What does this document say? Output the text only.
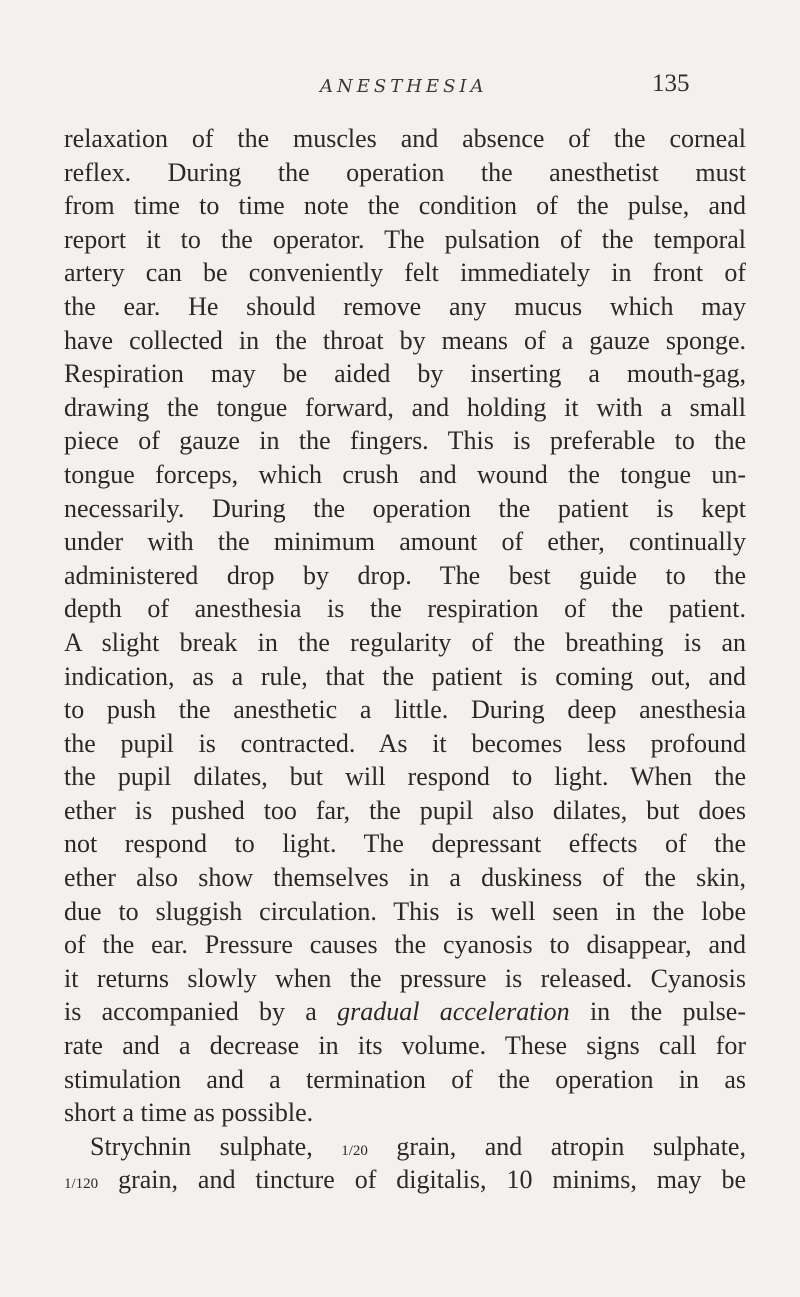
ANESTHESIA	135
relaxation of the muscles and absence of the corneal
reflex. During the operation the anesthetist must
from time to time note the condition of the pulse, and
report it to the operator. The pulsation of the temporal
artery can be conveniently felt immediately in front of
the ear. He should remove any mucus which may
have collected in the throat by means of a gauze sponge.
Respiration may be aided by inserting a mouth-gag,
drawing the tongue forward, and holding it with a small
piece of gauze in the fingers. This is preferable to the
tongue forceps, which crush and wound the tongue un-
necessarily. During the operation the patient is kept
under with the minimum amount of ether, continually
administered drop by drop. The best guide to the
depth of anesthesia is the respiration of the patient.
A slight break in the regularity of the breathing is an
indication, as a rule, that the patient is coming out, and
to push the anesthetic a little. During deep anesthesia
the pupil is contracted. As it becomes less profound
the pupil dilates, but will respond to light. When the
ether is pushed too far, the pupil also dilates, but does
not respond to light. The depressant effects of the
ether also show themselves in a duskiness of the skin,
due to sluggish circulation. This is well seen in the lobe
of the ear. Pressure causes the cyanosis to disappear, and
it returns slowly when the pressure is released. Cyanosis
is accompanied by a gradual acceleration in the pulse-
rate and a decrease in its volume. These signs call for
stimulation and a termination of the operation in as
short a time as possible.
Strychnin sulphate, 1/20 grain, and atropin sulphate,
1/120 grain, and tincture of digitalis, 10 minims, may be
